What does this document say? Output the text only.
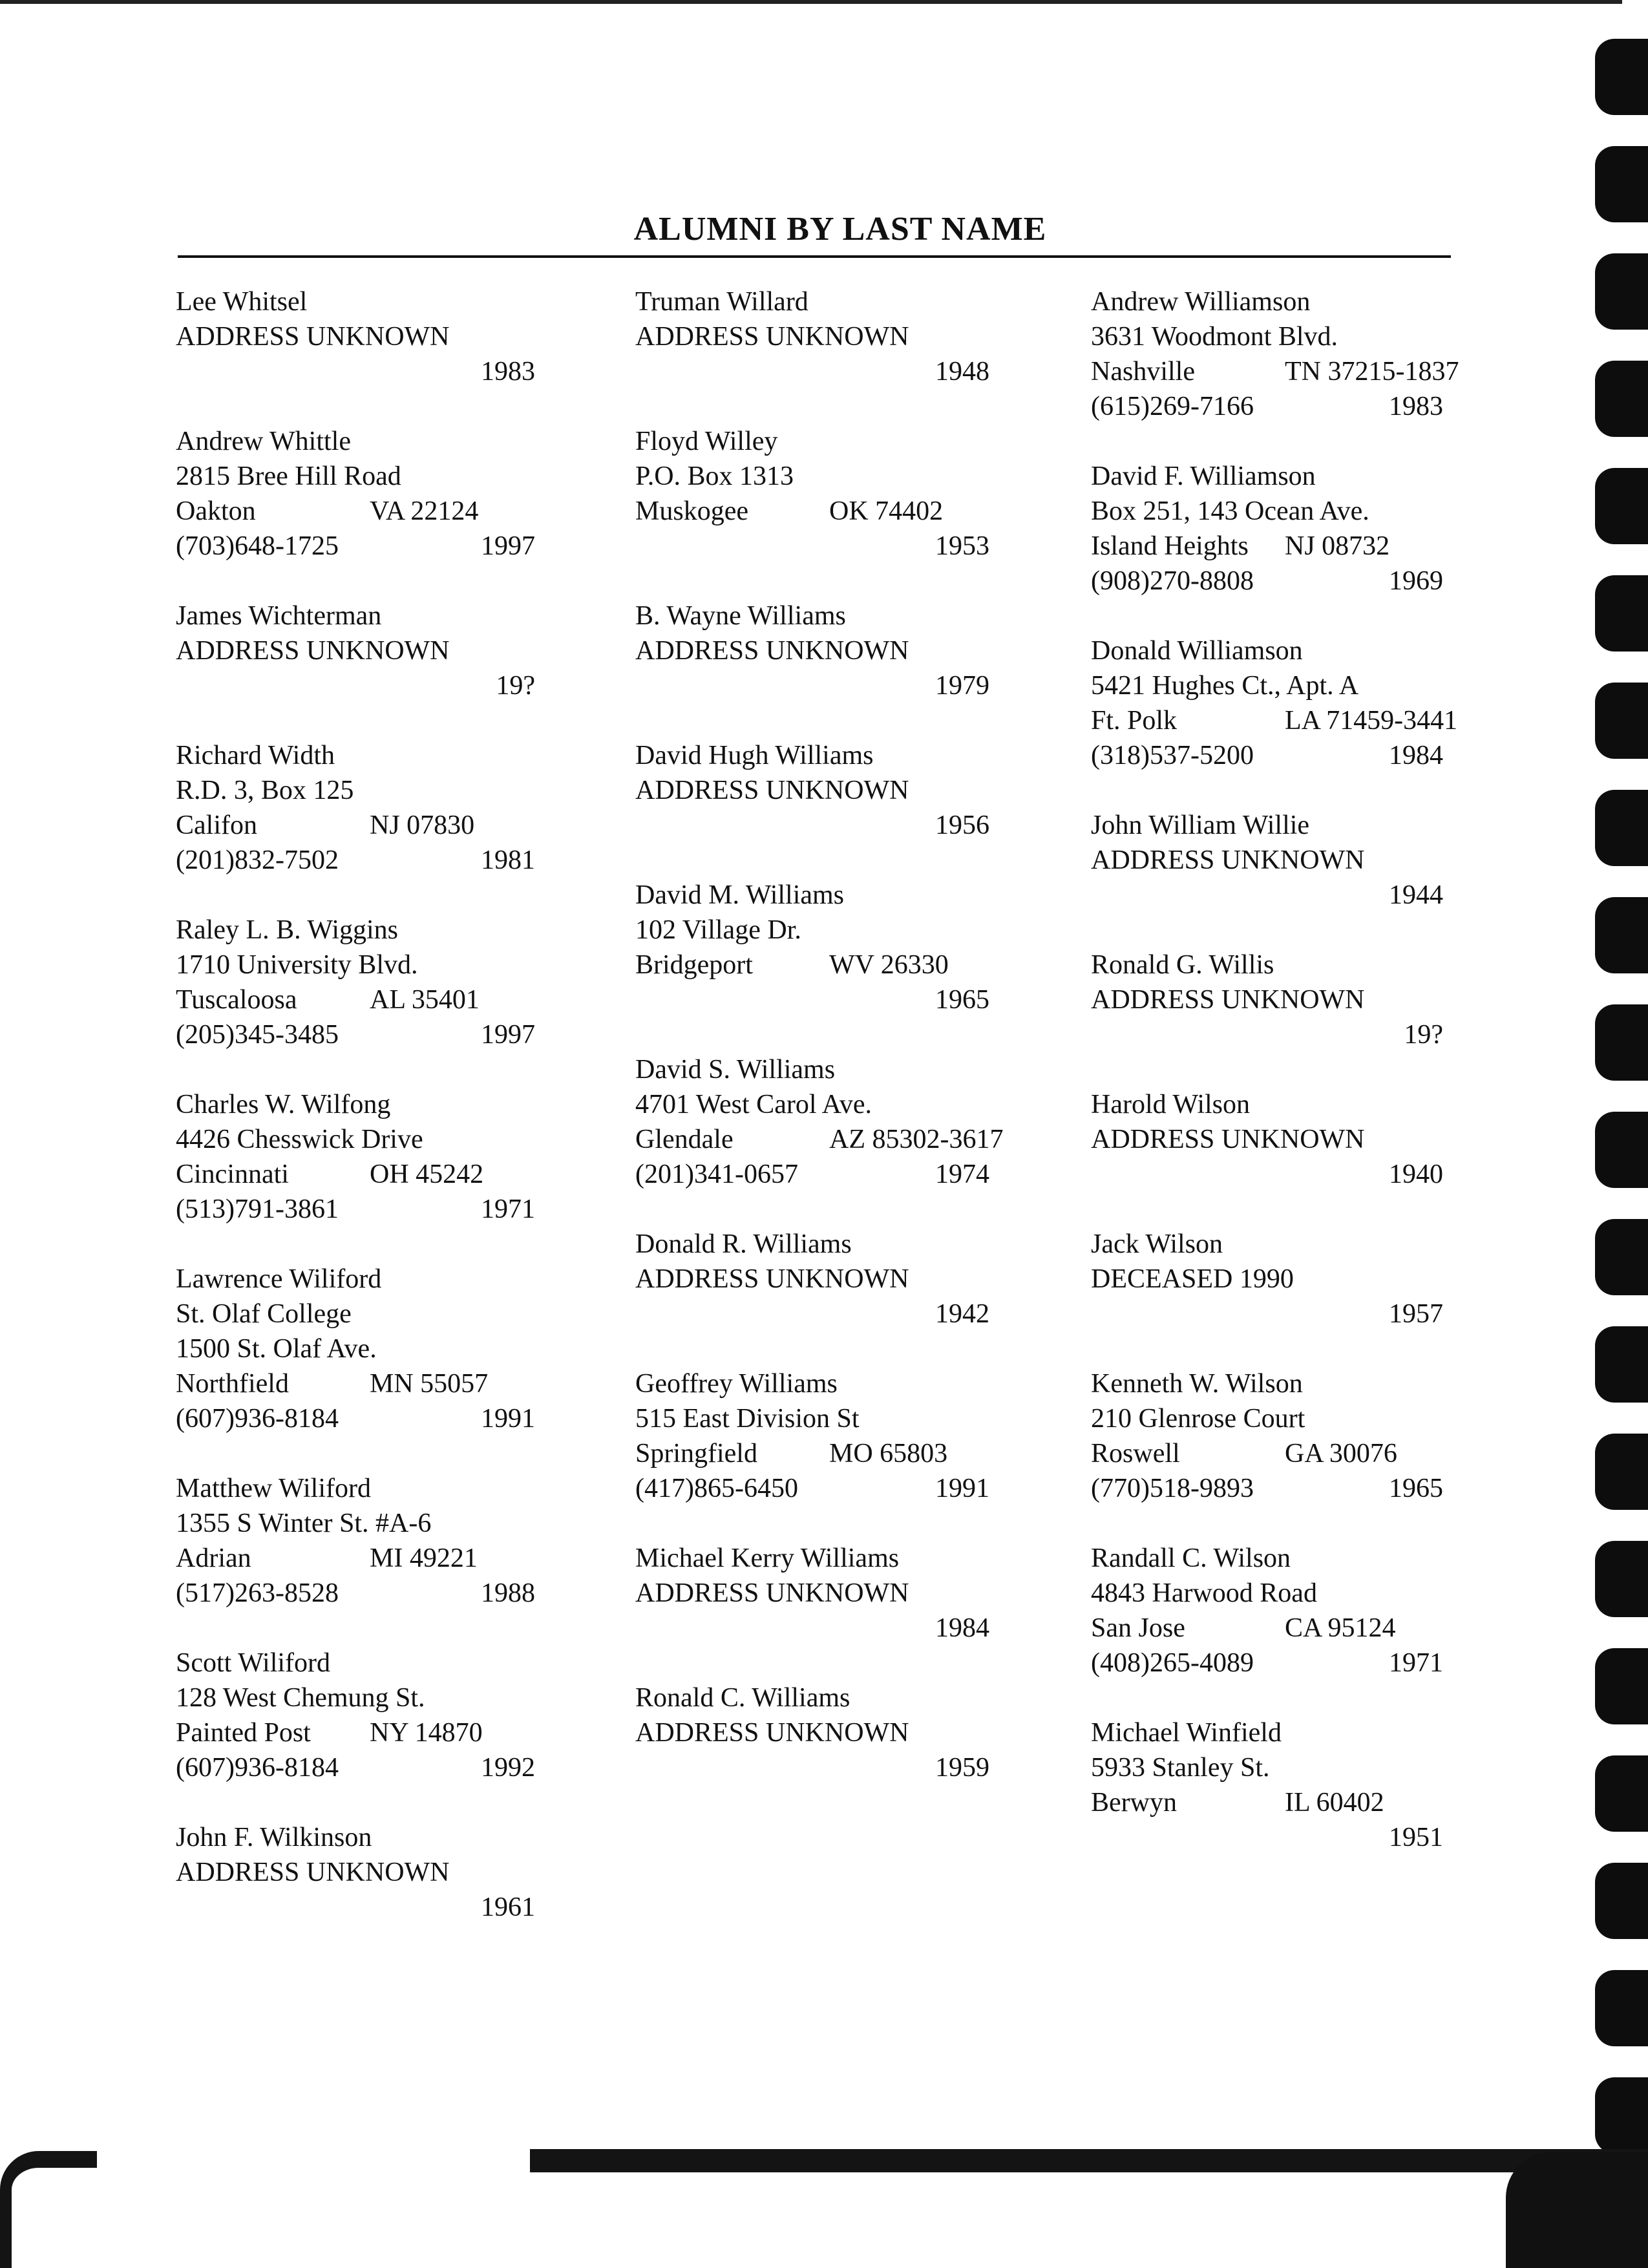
ALUMNI BY LAST NAME
Lee Whitsel
ADDRESS UNKNOWN
1983
Andrew Whittle
2815 Bree Hill Road
Oakton	VA 22124
(703)648-1725	1997
James Wichterman
ADDRESS UNKNOWN
19?
Richard Width
R.D. 3, Box 125
Califon	NJ 07830
(201)832-7502	1981
Raley L. B. Wiggins
1710 University Blvd.
Tuscaloosa	AL 35401
(205)345-3485	1997
Charles W. Wilfong
4426 Chesswick Drive
Cincinnati	OH 45242
(513)791-3861	1971
Lawrence Wiliford
St. Olaf College
1500 St. Olaf Ave.
Northfield	MN 55057
(607)936-8184	1991
Matthew Wiliford
1355 S Winter St. #A-6
Adrian	MI 49221
(517)263-8528	1988
Scott Wiliford
128 West Chemung St.
Painted Post	NY 14870
(607)936-8184	1992
John F. Wilkinson
ADDRESS UNKNOWN
1961
Truman Willard
ADDRESS UNKNOWN
1948
Floyd Willey
P.O. Box 1313
Muskogee	OK 74402
1953
B. Wayne Williams
ADDRESS UNKNOWN
1979
David Hugh Williams
ADDRESS UNKNOWN
1956
David M. Williams
102 Village Dr.
Bridgeport	WV 26330
1965
David S. Williams
4701 West Carol Ave.
Glendale	AZ 85302-3617
(201)341-0657	1974
Donald R. Williams
ADDRESS UNKNOWN
1942
Geoffrey Williams
515 East Division St
Springfield	MO 65803
(417)865-6450	1991
Michael Kerry Williams
ADDRESS UNKNOWN
1984
Ronald C. Williams
ADDRESS UNKNOWN
1959
Andrew Williamson
3631 Woodmont Blvd.
Nashville	TN 37215-1837
(615)269-7166	1983
David F. Williamson
Box 251, 143 Ocean Ave.
Island Heights	NJ 08732
(908)270-8808	1969
Donald Williamson
5421 Hughes Ct., Apt. A
Ft. Polk	LA 71459-3441
(318)537-5200	1984
John William Willie
ADDRESS UNKNOWN
1944
Ronald G. Willis
ADDRESS UNKNOWN
19?
Harold Wilson
ADDRESS UNKNOWN
1940
Jack Wilson
DECEASED 1990
1957
Kenneth W. Wilson
210 Glenrose Court
Roswell	GA 30076
(770)518-9893	1965
Randall C. Wilson
4843 Harwood Road
San Jose	CA 95124
(408)265-4089	1971
Michael Winfield
5933 Stanley St.
Berwyn	IL 60402
1951
